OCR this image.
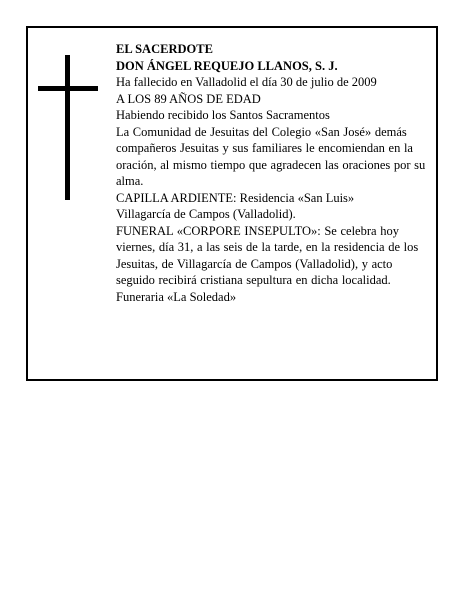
EL SACERDOTE
DON ÁNGEL REQUEJO LLANOS, S. J.
Ha fallecido en Valladolid el día 30 de julio de 2009
A LOS 89 AÑOS DE EDAD
Habiendo recibido los Santos Sacramentos
La Comunidad de Jesuitas del Colegio «San José» demás compañeros Jesuitas y sus familiares le encomiendan en la oración, al mismo tiempo que agradecen las oraciones por su alma.
CAPILLA ARDIENTE: Residencia «San Luis»
Villagarcía de Campos (Valladolid).
FUNERAL «CORPORE INSEPULTO»: Se celebra hoy viernes, día 31, a las seis de la tarde, en la residencia de los Jesuitas, de Villagarcía de Campos (Valladolid), y acto seguido recibirá cristiana sepultura en dicha localidad.
Funeraria «La Soledad»
